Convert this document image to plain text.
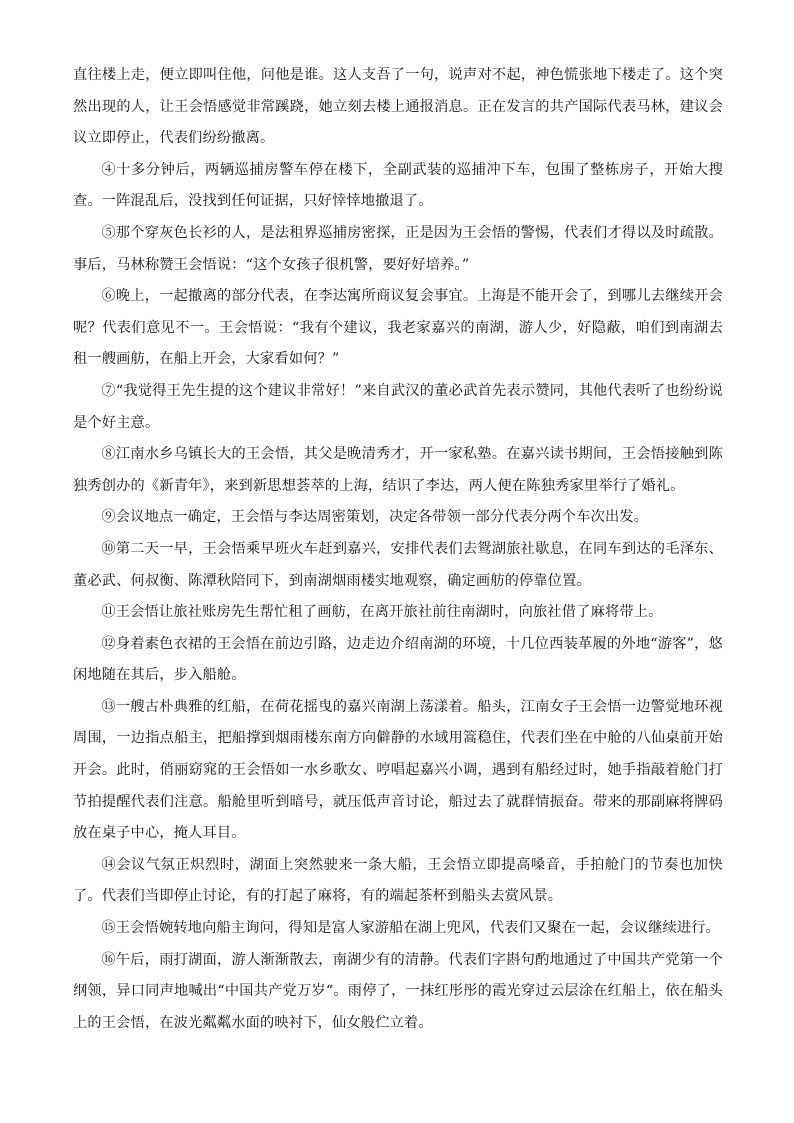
直往楼上走，便立即叫住他，问他是谁。这人支吾了一句，说声对不起，神色慌张地下楼走了。这个突然出现的人，让王会悟感觉非常蹊跷，她立刻去楼上通报消息。正在发言的共产国际代表马林，建议会议立即停止，代表们纷纷撤离。

④十多分钟后，两辆巡捕房警车停在楼下，全副武装的巡捕冲下车，包围了整栋房子，开始大搜查。一阵混乱后，没找到任何证据，只好悻悻地撤退了。

⑤那个穿灰色长衫的人，是法租界巡捕房密探，正是因为王会悟的警惕，代表们才得以及时疏散。事后，马林称赞王会悟说：“这个女孩子很机警，要好好培养。”

⑥晚上，一起撤离的部分代表，在李达寓所商议复会事宜。上海是不能开会了，到哪儿去继续开会呢？代表们意见不一。王会悟说：“我有个建议，我老家嘉兴的南湖，游人少，好隐蔽，咱们到南湖去租一艘画舫，在船上开会，大家看如何？”

⑦“我觉得王先生提的这个建议非常好！”来自武汉的董必武首先表示赞同，其他代表听了也纷纷说是个好主意。

⑧江南水乡乌镇长大的王会悟，其父是晚清秀才，开一家私塾。在嘉兴读书期间，王会悟接触到陈独秀创办的《新青年》，来到新思想荟萃的上海，结识了李达，两人便在陈独秀家里举行了婚礼。

⑨会议地点一确定，王会悟与李达周密策划，决定各带领一部分代表分两个车次出发。

⑩第二天一早，王会悟乘早班火车赶到嘉兴，安排代表们去鸳湖旅社歇息，在同车到达的毛泽东、董必武、何叔衡、陈潭秋陪同下，到南湖烟雨楼实地观察，确定画舫的停靠位置。

⑪王会悟让旅社账房先生帮忙租了画舫，在离开旅社前往南湖时，向旅社借了麻将带上。

⑫身着素色衣裙的王会悟在前边引路，边走边介绍南湖的环境，十几位西装革履的外地“游客”，悠闲地随在其后，步入船舱。

⑬一艘古朴典雅的红船，在荷花摇曳的嘉兴南湖上荡漾着。船头，江南女子王会悟一边警觉地环视周围，一边指点船主，把船撑到烟雨楼东南方向僻静的水域用篙稳住，代表们坐在中舱的八仙桌前开始开会。此时，俏丽窈窕的王会悟如一水乡歌女、哼唱起嘉兴小调，遇到有船经过时，她手指敲着舱门打节拍提醒代表们注意。船舱里听到暗号，就压低声音讨论，船过去了就群情振奋。带来的那副麻将牌码放在桌子中心，掩人耳目。

⑭会议气氛正炽烈时，湖面上突然驶来一条大船，王会悟立即提高嗓音，手拍舱门的节奏也加快了。代表们当即停止讨论，有的打起了麻将，有的端起茶杯到船头去赏风景。

⑮王会悟婉转地向船主询问，得知是富人家游船在湖上兜风，代表们又聚在一起，会议继续进行。

⑯午后，雨打湖面，游人渐渐散去，南湖少有的清静。代表们字斟句酌地通过了中国共产党第一个纲领，异口同声地喊出“中国共产党万岁“。雨停了，一抹红彤彤的霞光穿过云层涂在红船上，依在船头上的王会悟，在波光粼粼水面的映衬下，仙女般伫立着。
